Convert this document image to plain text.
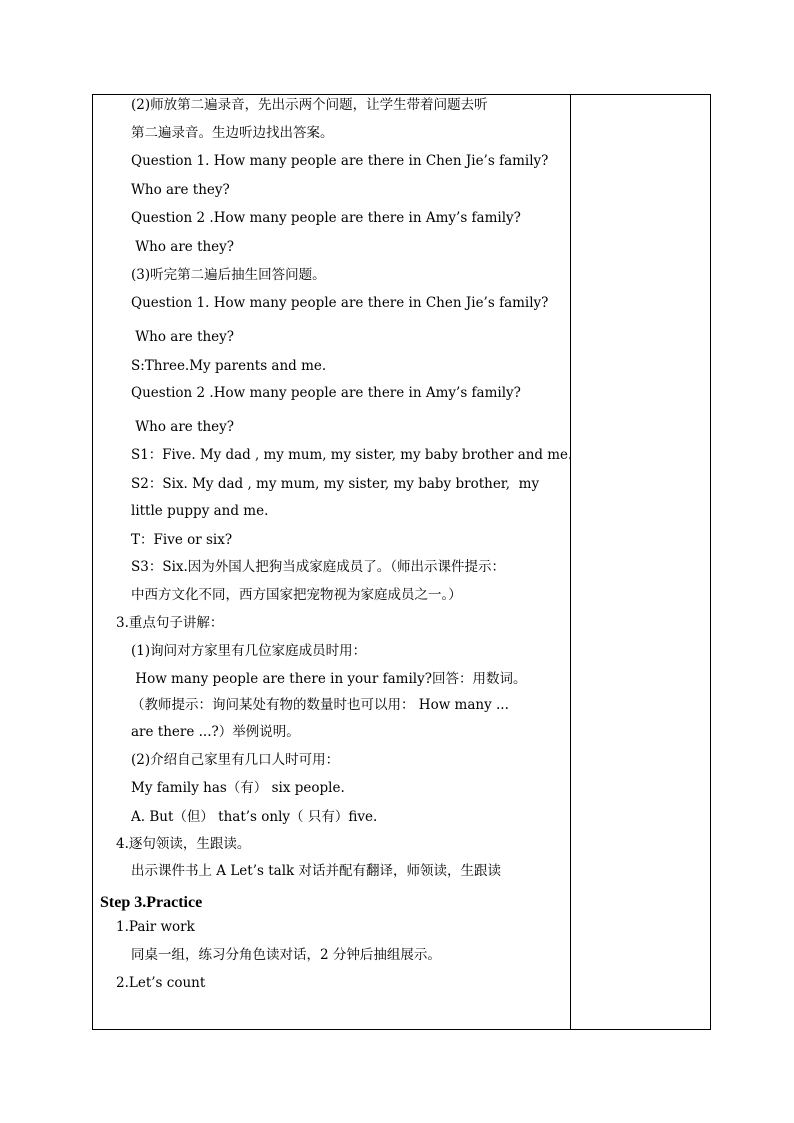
(2)师放第二遍录音，先出示两个问题，让学生带着问题去听
第二遍录音。生边听边找出答案。
Question 1. How many people are there in Chen Jie’s family?
Who are they?
Question 2 .How many people are there in Amy’s family?
Who are they?
(3)听完第二遍后抽生回答问题。
Question 1. How many people are there in Chen Jie’s family?
Who are they?
S:Three.My parents and me.
Question 2 .How many people are there in Amy’s family?
Who are they?
S1：Five. My dad , my mum, my sister, my baby brother and me.
S2：Six. My dad , my mum, my sister, my baby brother,  my
little puppy and me.
T：Five or six?
S3：Six.因为外国人把狗当成家庭成员了。（师出示课件提示：
中西方文化不同，西方国家把宠物视为家庭成员之一。）
3.重点句子讲解：
(1)询问对方家里有几位家庭成员时用：
How many people are there in your family?回答：用数词。
（教师提示：询问某处有物的数量时也可以用： How many ...
are there ...?）举例说明。
(2)介绍自己家里有几口人时可用：
My family has（有） six people.
A. But（但） that’s only（ 只有）five.
4.逐句领读，生跟读。
出示课件书上 A Let’s talk 对话并配有翻译，师领读，生跟读
Step 3.Practice
1.Pair work
同桌一组，练习分角色读对话，2 分钟后抽组展示。
2.Let’s count
